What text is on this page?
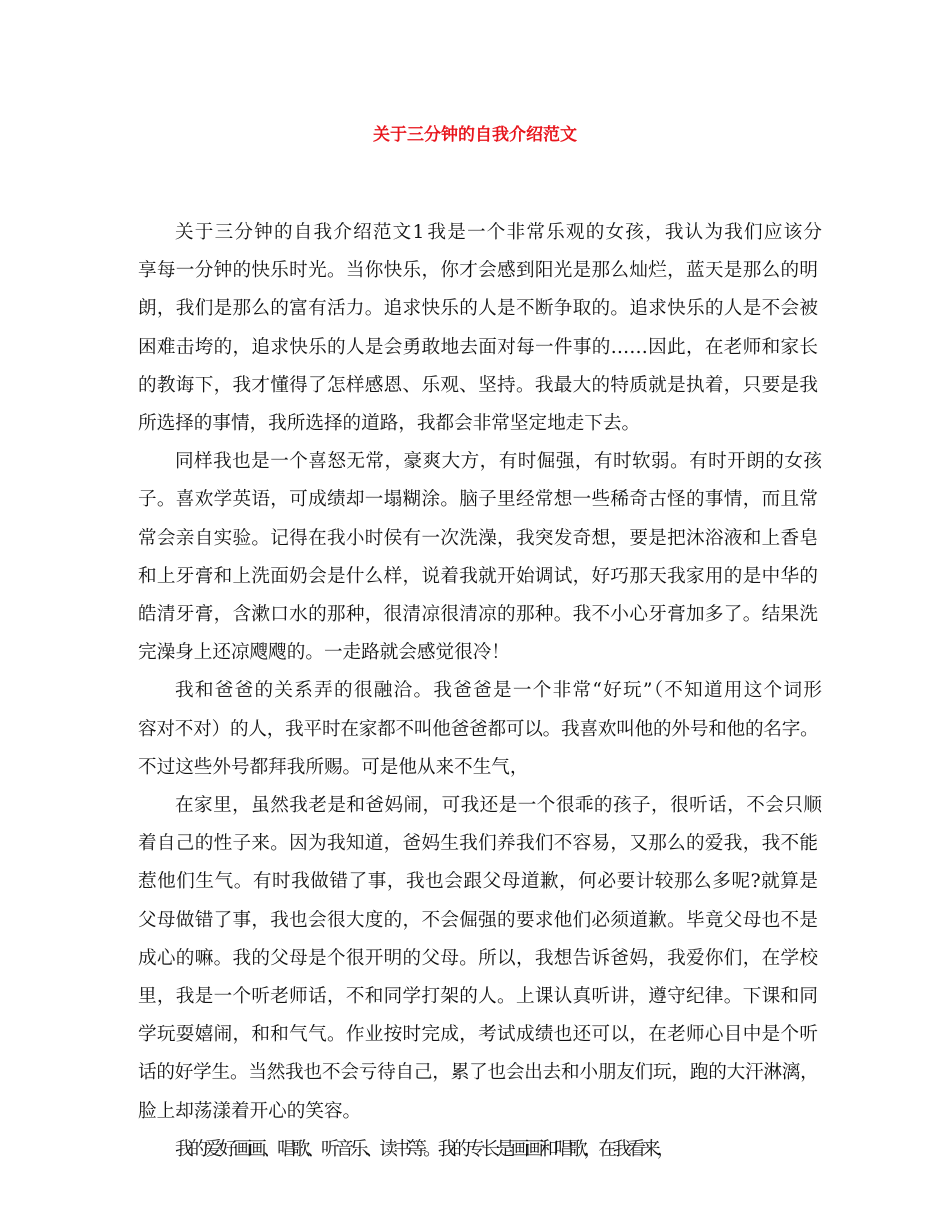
关于三分钟的自我介绍范文
关于三分钟的自我介绍范文1 我是一个非常乐观的女孩，我认为我们应该分
享每一分钟的快乐时光。当你快乐，你才会感到阳光是那么灿烂，蓝天是那么的明
朗，我们是那么的富有活力。追求快乐的人是不断争取的。追求快乐的人是不会被
困难击垮的，追求快乐的人是会勇敢地去面对每一件事的……因此，在老师和家长
的教诲下，我才懂得了怎样感恩、乐观、坚持。我最大的特质就是执着，只要是我
所选择的事情，我所选择的道路，我都会非常坚定地走下去。
同样我也是一个喜怒无常，豪爽大方，有时倔强，有时软弱。有时开朗的女孩
子。喜欢学英语，可成绩却一塌糊涂。脑子里经常想一些稀奇古怪的事情，而且常
常会亲自实验。记得在我小时侯有一次洗澡，我突发奇想，要是把沐浴液和上香皂
和上牙膏和上洗面奶会是什么样，说着我就开始调试，好巧那天我家用的是中华的
皓清牙膏，含漱口水的那种，很清凉很清凉的那种。我不小心牙膏加多了。结果洗
完澡身上还凉飕飕的。一走路就会感觉很冷！
我和爸爸的关系弄的很融洽。我爸爸是一个非常“好玩”（不知道用这个词形
容对不对）的人，我平时在家都不叫他爸爸都可以。我喜欢叫他的外号和他的名字。
不过这些外号都拜我所赐。可是他从来不生气，
在家里，虽然我老是和爸妈闹，可我还是一个很乖的孩子，很听话，不会只顺
着自己的性子来。因为我知道，爸妈生我们养我们不容易，又那么的爱我，我不能
惹他们生气。有时我做错了事，我也会跟父母道歉，何必要计较那么多呢?就算是
父母做错了事，我也会很大度的，不会倔强的要求他们必须道歉。毕竟父母也不是
成心的嘛。我的父母是个很开明的父母。所以，我想告诉爸妈，我爱你们，在学校
里，我是一个听老师话，不和同学打架的人。上课认真听讲，遵守纪律。下课和同
学玩耍嬉闹，和和气气。作业按时完成，考试成绩也还可以，在老师心目中是个听
话的好学生。当然我也不会亏待自己，累了也会出去和小朋友们玩，跑的大汗淋漓，
脸上却荡漾着开心的笑容。
我的爱好画画、唱歌、听音乐、读书等。我的专长是画画和唱歌，在我看来，
